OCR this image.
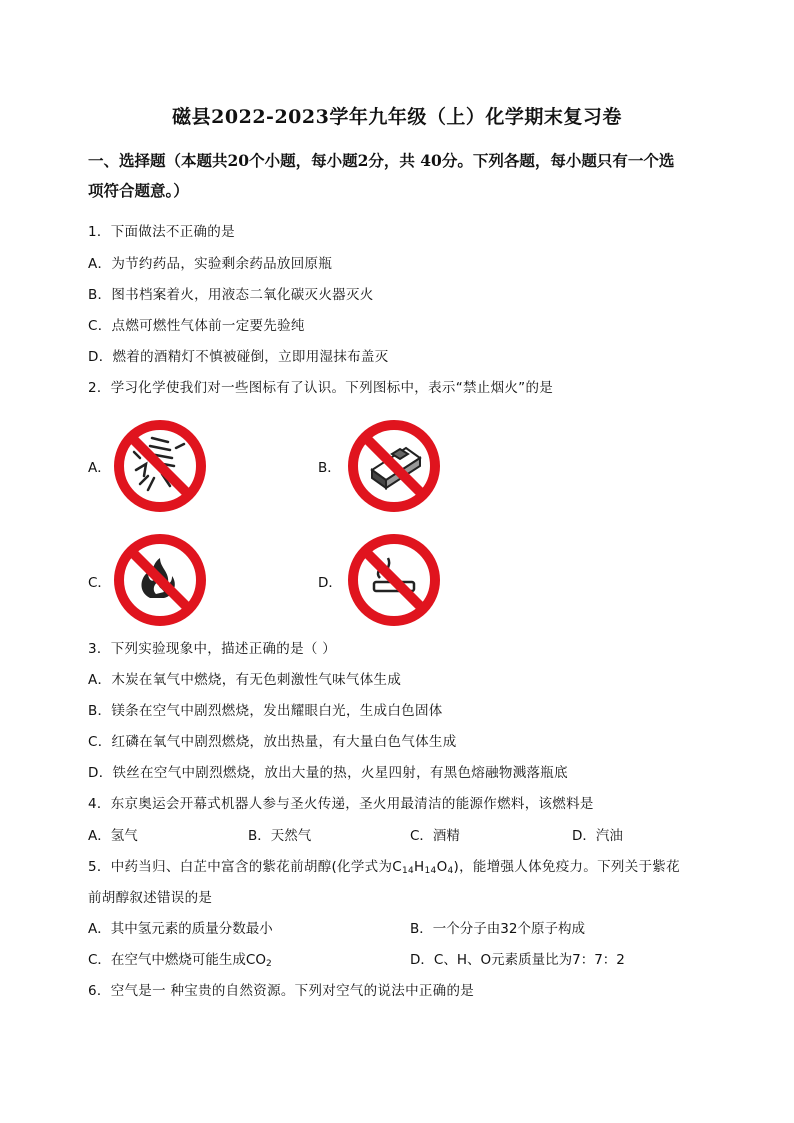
磁县2022-2023学年九年级（上）化学期末复习卷
一、选择题（本题共20个小题，每小题2分，共 40分。下列各题，每小题只有一个选
项符合题意。）
1．下面做法不正确的是
A．为节约药品，实验剩余药品放回原瓶
B．图书档案着火，用液态二氧化碳灭火器灭火
C．点燃可燃性气体前一定要先验纯
D．燃着的酒精灯不慎被碰倒，立即用湿抹布盖灭
2．学习化学使我们对一些图标有了认识。下列图标中，表示“禁止烟火”的是
A．	B．
C．	D．
3．下列实验现象中，描述正确的是（ ）
A．木炭在氧气中燃烧，有无色刺激性气味气体生成
B．镁条在空气中剧烈燃烧，发出耀眼白光，生成白色固体
C．红磷在氧气中剧烈燃烧，放出热量，有大量白色气体生成
D．铁丝在空气中剧烈燃烧，放出大量的热，火星四射，有黑色熔融物溅落瓶底
4．东京奥运会开幕式机器人参与圣火传递，圣火用最清洁的能源作燃料，该燃料是
A．氢气	B．天然气	C．酒精	D．汽油
5．中药当归、白芷中富含的紫花前胡醇(化学式为$C_{14}H_{14}O_4$)，能增强人体免疫力。下列关于紫花
前胡醇叙述错误的是
A．其中氢元素的质量分数最小	B．一个分子由32个原子构成
C．在空气中燃烧可能生成$CO_2$	D．C、H、O元素质量比为7：7：2
6．空气是一 种宝贵的自然资源。下列对空气的说法中正确的是
